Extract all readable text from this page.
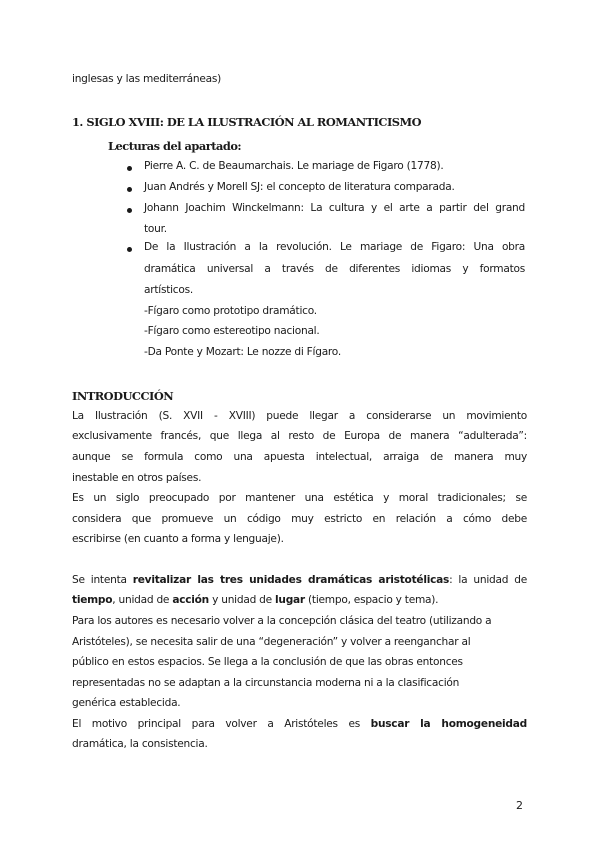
inglesas y las mediterráneas)
1. SIGLO XVIII: DE LA ILUSTRACIÓN AL ROMANTICISMO
Lecturas del apartado:
Pierre A. C. de Beaumarchais. Le mariage de Figaro (1778).
Juan Andrés y Morell SJ: el concepto de literatura comparada.
Johann Joachim Winckelmann: La cultura y el arte a partir del grand
tour.
De la Ilustración a la revolución. Le mariage de Figaro: Una obra
dramática universal a través de diferentes idiomas y formatos
artísticos.
-Fígaro como prototipo dramático.
-Fígaro como estereotipo nacional.
-Da Ponte y Mozart: Le nozze di Fígaro.
INTRODUCCIÓN
La Ilustración (S. XVII - XVIII) puede llegar a considerarse un movimiento
exclusivamente francés, que llega al resto de Europa de manera “adulterada”:
aunque se formula como una apuesta intelectual, arraiga de manera muy
inestable en otros países.
Es un siglo preocupado por mantener una estética y moral tradicionales; se
considera que promueve un código muy estricto en relación a cómo debe
escribirse (en cuanto a forma y lenguaje).
Se intenta revitalizar las tres unidades dramáticas aristotélicas: la unidad de
tiempo, unidad de acción y unidad de lugar (tiempo, espacio y tema).
Para los autores es necesario volver a la concepción clásica del teatro (utilizando a
Aristóteles), se necesita salir de una “degeneración” y volver a reenganchar al
público en estos espacios. Se llega a la conclusión de que las obras entonces
representadas no se adaptan a la circunstancia moderna ni a la clasificación
genérica establecida.
El motivo principal para volver a Aristóteles es buscar la homogeneidad
dramática, la consistencia.
2
